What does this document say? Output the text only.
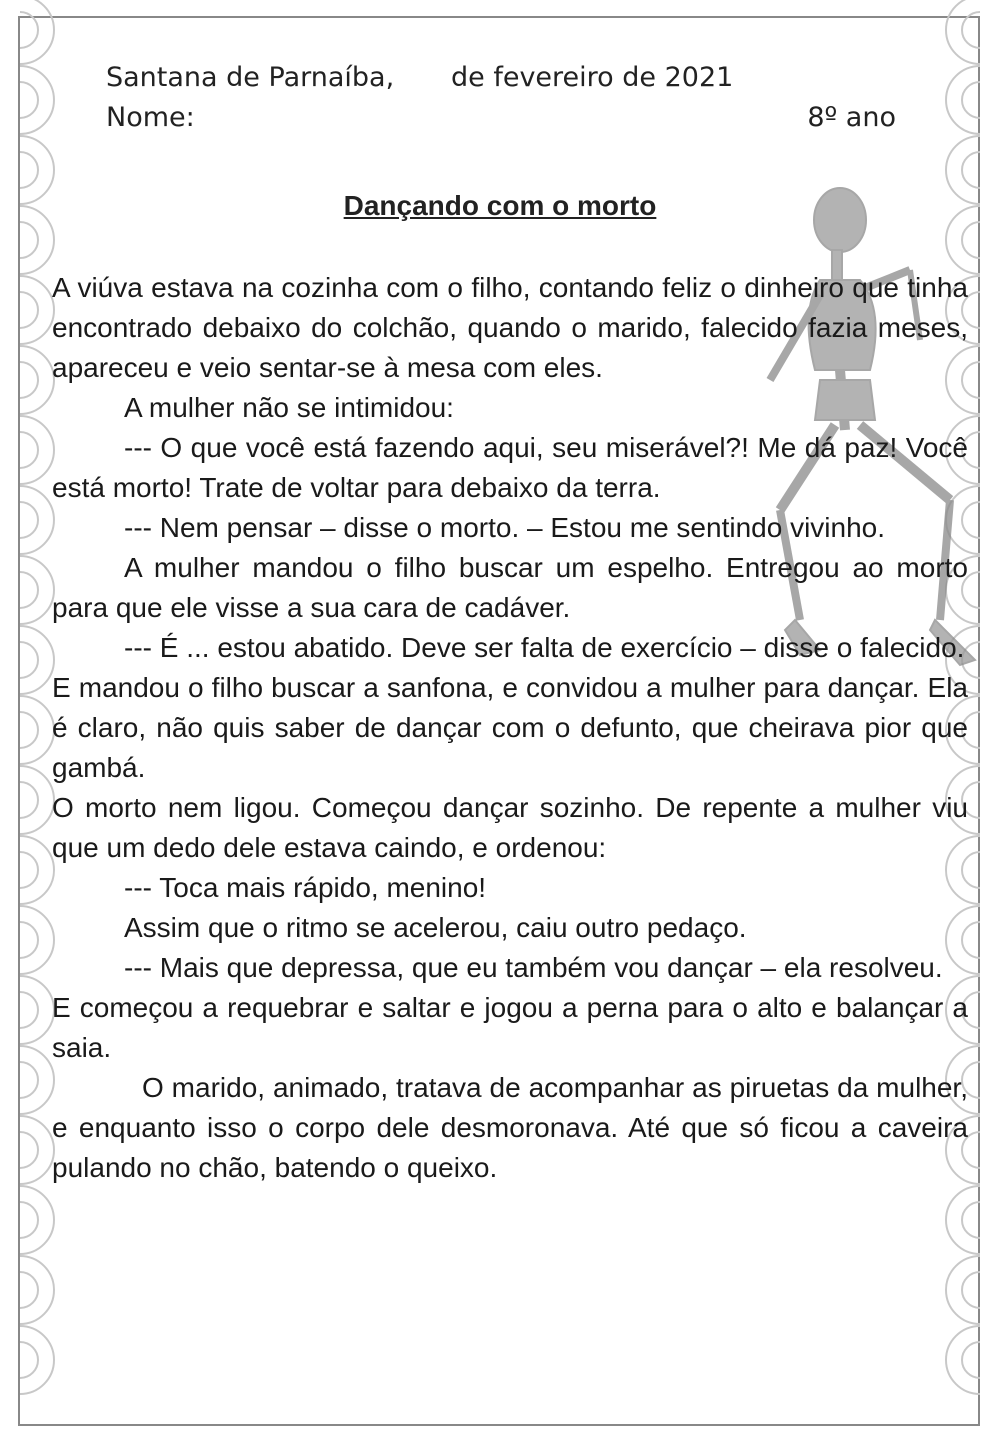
Santana de Parnaíba, de fevereiro de 2021
Nome:	8º ano
Dançando com o morto

A viúva estava na cozinha com o filho, contando feliz o dinheiro que tinha encontrado debaixo do colchão, quando o marido, falecido fazia meses, apareceu e veio sentar-se à mesa com eles.

A mulher não se intimidou:

--- O que você está fazendo aqui, seu miserável?! Me dá paz! Você está morto! Trate de voltar para debaixo da terra.

--- Nem pensar – disse o morto. – Estou me sentindo vivinho.

A mulher mandou o filho buscar um espelho. Entregou ao morto para que ele visse a sua cara de cadáver.

--- É ... estou abatido. Deve ser falta de exercício – disse o falecido.

E mandou o filho buscar a sanfona, e convidou a mulher para dançar. Ela é claro, não quis saber de dançar com o defunto, que cheirava pior que gambá.

O morto nem ligou. Começou dançar sozinho. De repente a mulher viu que um dedo dele estava caindo, e ordenou:

--- Toca mais rápido, menino!

Assim que o ritmo se acelerou, caiu outro pedaço.

--- Mais que depressa, que eu também vou dançar – ela resolveu.

E começou a requebrar e saltar e jogou a perna para o alto e balançar a saia.

O marido, animado, tratava de acompanhar as piruetas da mulher, e enquanto isso o corpo dele desmoronava. Até que só ficou a caveira pulando no chão, batendo o queixo.
